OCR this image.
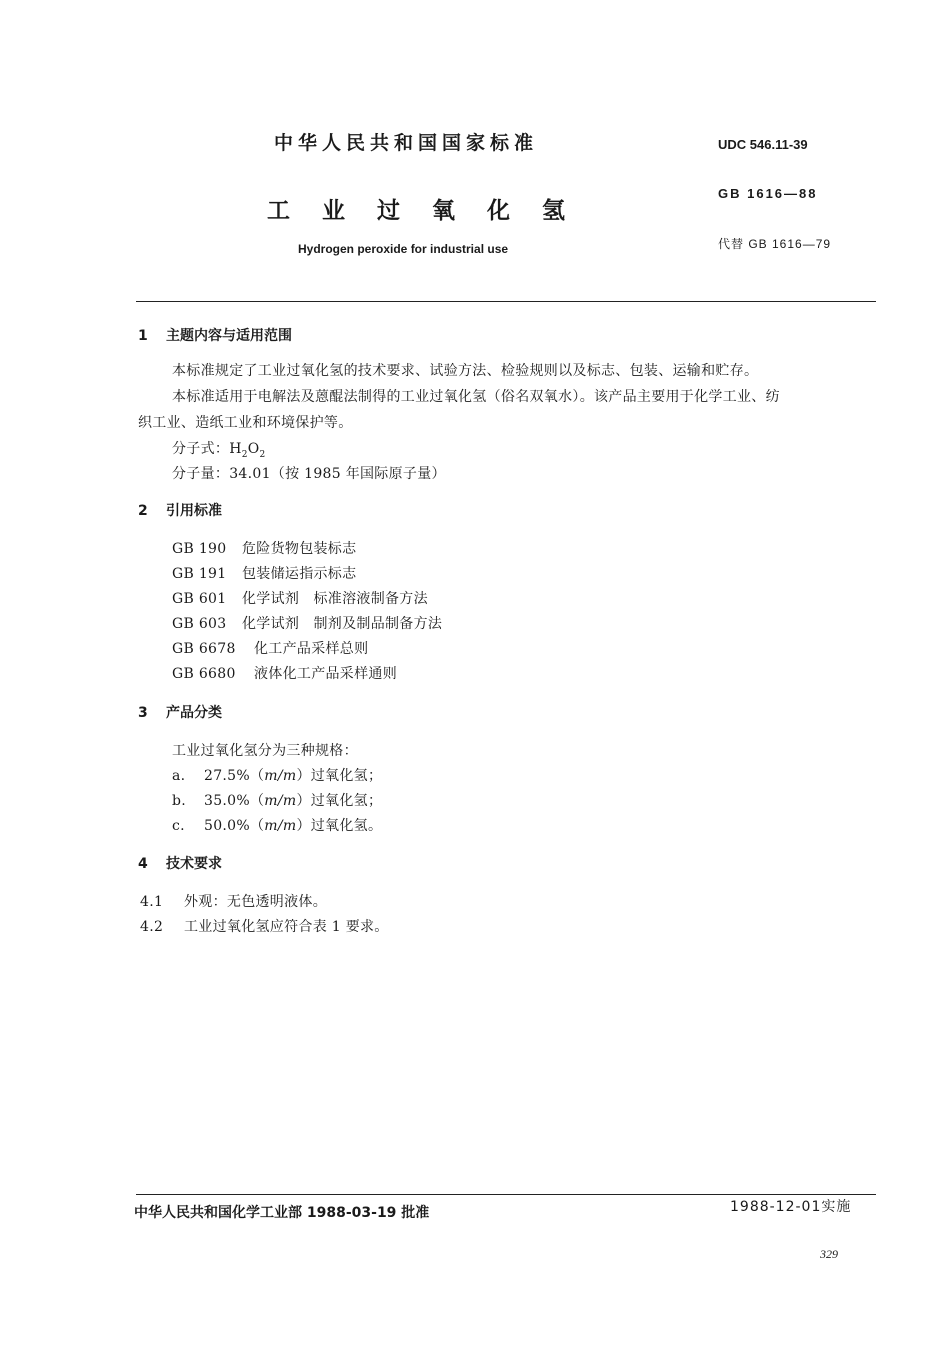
中华人民共和国国家标准	UDC 546.11-39
工业过氧化氢
GB 1616—88
Hydrogen peroxide for industrial use	代替 GB 1616—79
1 主题内容与适用范围
本标准规定了工业过氧化氢的技术要求、试验方法、检验规则以及标志、包装、运输和贮存。
本标准适用于电解法及蒽醌法制得的工业过氧化氢（俗名双氧水）。该产品主要用于化学工业、纺
织工业、造纸工业和环境保护等。
分子式：$H_2O_2$
分子量：34.01（按 1985 年国际原子量）
2 引用标准
GB 190 危险货物包装标志
GB 191 包装储运指示标志
GB 601 化学试剂　标准溶液制备方法
GB 603 化学试剂　制剂及制品制备方法
GB 6678 化工产品采样总则
GB 6680 液体化工产品采样通则
3 产品分类
工业过氧化氢分为三种规格：
a. 27.5%（m/m）过氧化氢；
b. 35.0%（m/m）过氧化氢；
c. 50.0%（m/m）过氧化氢。
4 技术要求
4.1 外观：无色透明液体。
4.2 工业过氧化氢应符合表 1 要求。
中华人民共和国化学工业部 1988-03-19 批准	1988-12-01实施
329
